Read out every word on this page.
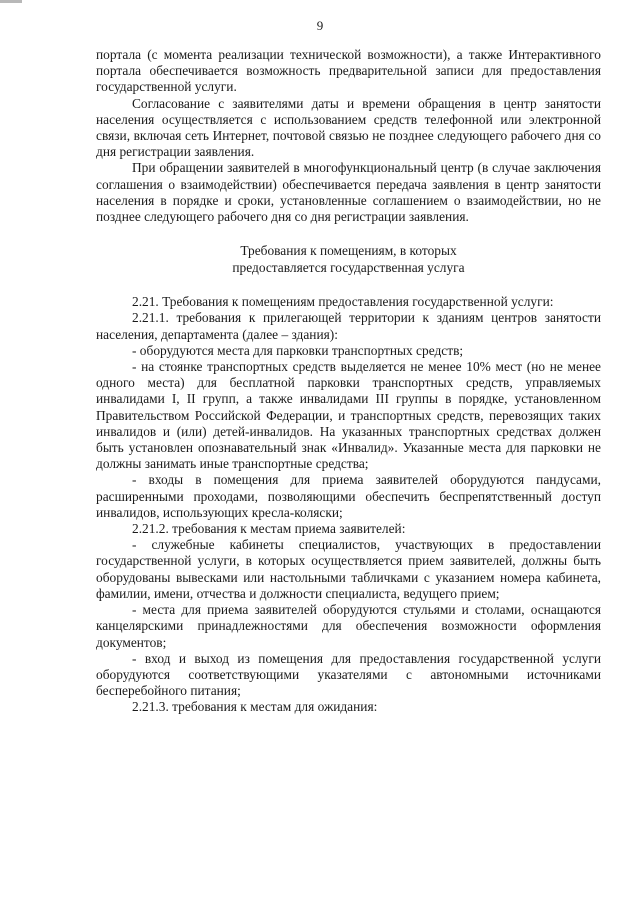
9

портала (с момента реализации технической возможности), а также Интерактивного портала обеспечивается возможность предварительной записи для предоставления государственной услуги.

Согласование с заявителями даты и времени обращения в центр занятости населения осуществляется с использованием средств телефонной или электронной связи, включая сеть Интернет, почтовой связью не позднее следующего рабочего дня со дня регистрации заявления.

При обращении заявителей в многофункциональный центр (в случае заключения соглашения о взаимодействии) обеспечивается передача заявления в центр занятости населения в порядке и сроки, установленные соглашением о взаимодействии, но не позднее следующего рабочего дня со дня регистрации заявления.

Требования к помещениям, в которых
предоставляется государственная услуга

2.21. Требования к помещениям предоставления государственной услуги:

2.21.1. требования к прилегающей территории к зданиям центров занятости населения, департамента (далее – здания):

- оборудуются места для парковки транспортных средств;

- на стоянке транспортных средств выделяется не менее 10% мест (но не менее одного места) для бесплатной парковки транспортных средств, управляемых инвалидами I, II групп, а также инвалидами III группы в порядке, установленном Правительством Российской Федерации, и транспортных средств, перевозящих таких инвалидов и (или) детей-инвалидов. На указанных транспортных средствах должен быть установлен опознавательный знак «Инвалид». Указанные места для парковки не должны занимать иные транспортные средства;

- входы в помещения для приема заявителей оборудуются пандусами, расширенными проходами, позволяющими обеспечить беспрепятственный доступ инвалидов, использующих кресла-коляски;

2.21.2. требования к местам приема заявителей:

- служебные кабинеты специалистов, участвующих в предоставлении государственной услуги, в которых осуществляется прием заявителей, должны быть оборудованы вывесками или настольными табличками с указанием номера кабинета, фамилии, имени, отчества и должности специалиста, ведущего прием;

- места для приема заявителей оборудуются стульями и столами, оснащаются канцелярскими принадлежностями для обеспечения возможности оформления документов;

- вход и выход из помещения для предоставления государственной услуги оборудуются соответствующими указателями с автономными источниками бесперебойного питания;

2.21.3. требования к местам для ожидания:
